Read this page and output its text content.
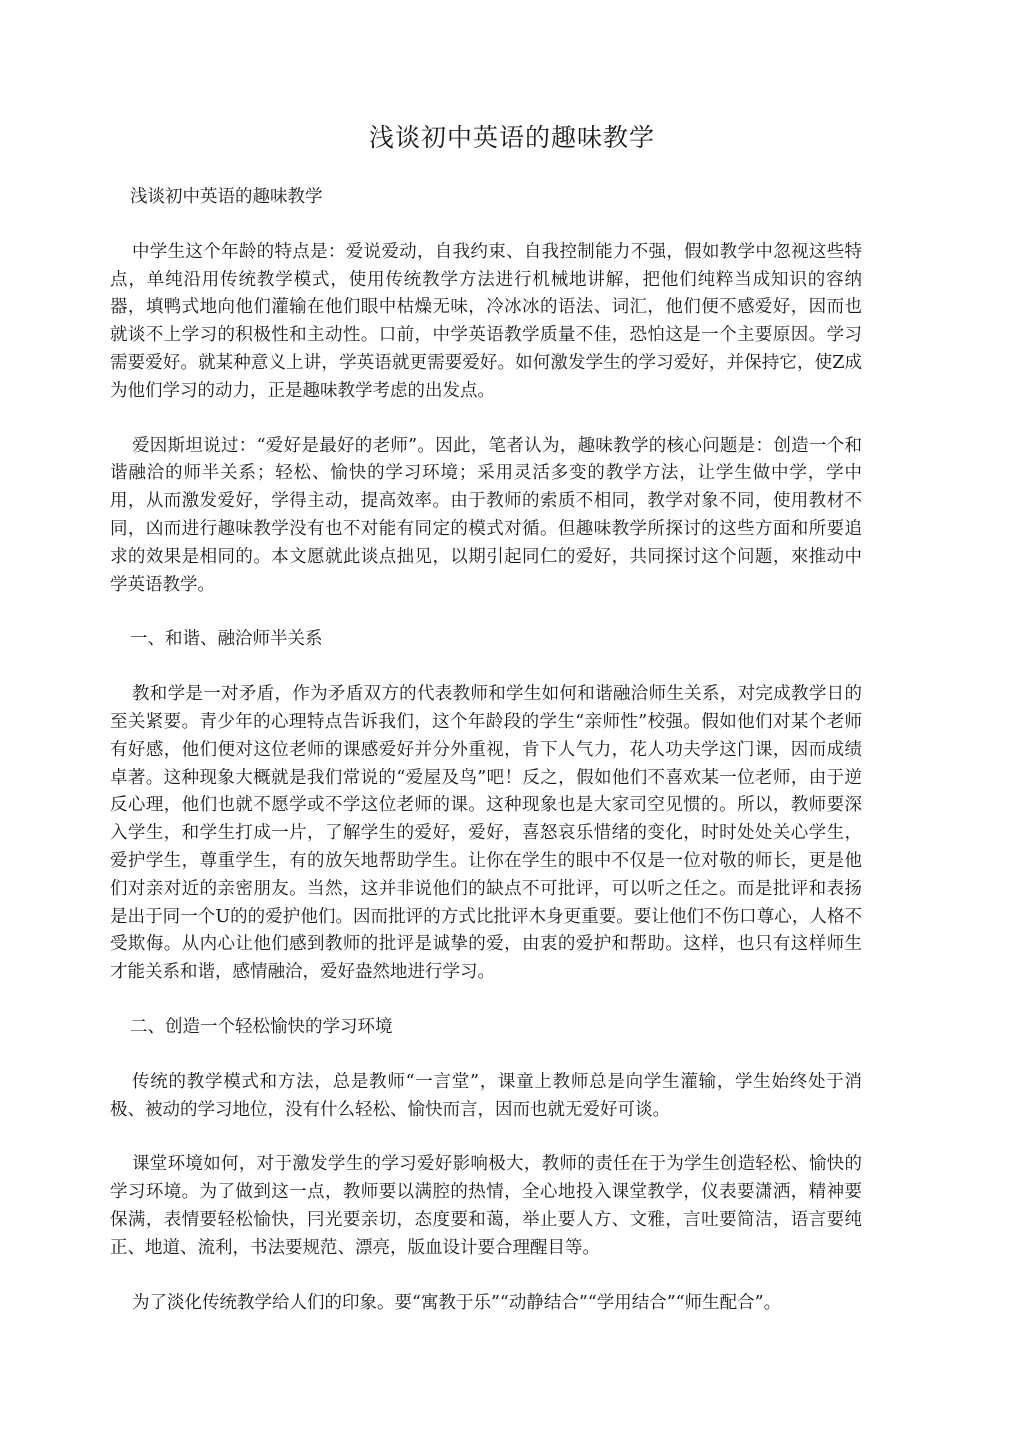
浅谈初中英语的趣味教学

浅谈初中英语的趣味教学

中学生这个年龄的特点是：爱说爱动，自我约束、自我控制能力不强，假如教学中忽视这些特点，单纯沿用传统教学模式，使用传统教学方法进行机械地讲解，把他们纯粹当成知识的容纳器，填鸭式地向他们灌输在他们眼中枯燥无味，冷冰冰的语法、词汇，他们便不感爱好，因而也就谈不上学习的积极性和主动性。口前，中学英语教学质量不佳，恐怕这是一个主要原因。学习需要爱好。就某种意义上讲，学英语就更需要爱好。如何激发学生的学习爱好，并保持它，使Z成为他们学习的动力，正是趣味教学考虑的出发点。

爱因斯坦说过：“爱好是最好的老师”。因此，笔者认为，趣味教学的核心问题是：创造一个和谐融洽的师半关系；轻松、愉快的学习环境；采用灵活多变的教学方法，让学生做中学，学中用，从而激发爱好，学得主动，提高效率。由于教师的索质不相同，教学对象不同，使用教材不同，凶而进行趣味教学没有也不对能有同定的模式对循。但趣味教学所探讨的这些方面和所要追求的效果是相同的。本文愿就此谈点拙见，以期引起同仁的爱好，共同探讨这个问题，來推动中学英语教学。

一、和谐、融洽师半关系

教和学是一对矛盾，作为矛盾双方的代表教师和学生如何和谐融洽师生关系，对完成教学日的至关紧要。青少年的心理特点告诉我们，这个年龄段的学生“亲师性”校强。假如他们对某个老师有好感，他们便对这位老师的课感爱好并分外重视，肯下人气力，花人功夫学这门课，因而成绩卓著。这种现象大概就是我们常说的“爱屋及鸟”吧！反之，假如他们不喜欢某一位老师，由于逆反心理，他们也就不愿学或不学这位老师的课。这种现象也是大家司空见惯的。所以，教师要深入学生，和学生打成一片，了解学生的爱好，爱好，喜怒哀乐惜绪的变化，时时处处关心学生，爱护学生，尊重学生，有的放矢地帮助学生。让你在学生的眼中不仅是一位对敬的师长，更是他们对亲对近的亲密朋友。当然，这并非说他们的缺点不可批评，可以听之任之。而是批评和表扬是出于同一个U的的爱护他们。因而批评的方式比批评木身更重要。要让他们不伤口尊心，人格不受欺侮。从内心让他们感到教师的批评是诚挚的爱，由衷的爱护和帮助。这样，也只有这样师生才能关系和谐，感情融洽，爱好盎然地进行学习。

二、创造一个轻松愉快的学习环境

传统的教学模式和方法，总是教师“一言堂”，课童上教师总是向学生灌输，学生始终处于消极、被动的学习地位，没有什么轻松、愉快而言，因而也就无爱好可谈。

课堂环境如何，对于激发学生的学习爱好影响极大，教师的责任在于为学生创造轻松、愉快的学习环境。为了做到这一点，教师要以满腔的热情，全心地投入课堂教学，仪表要潇洒，精神要保满，表情要轻松愉快，冃光要亲切，态度要和蔼，举止要人方、文雅，言吐要简洁，语言要纯正、地道、流利，书法要规范、漂亮，版血设计要合理醒目等。

为了淡化传统教学给人们的印象。要“寓教于乐”“动静结合”“学用结合”“师生配合”。
